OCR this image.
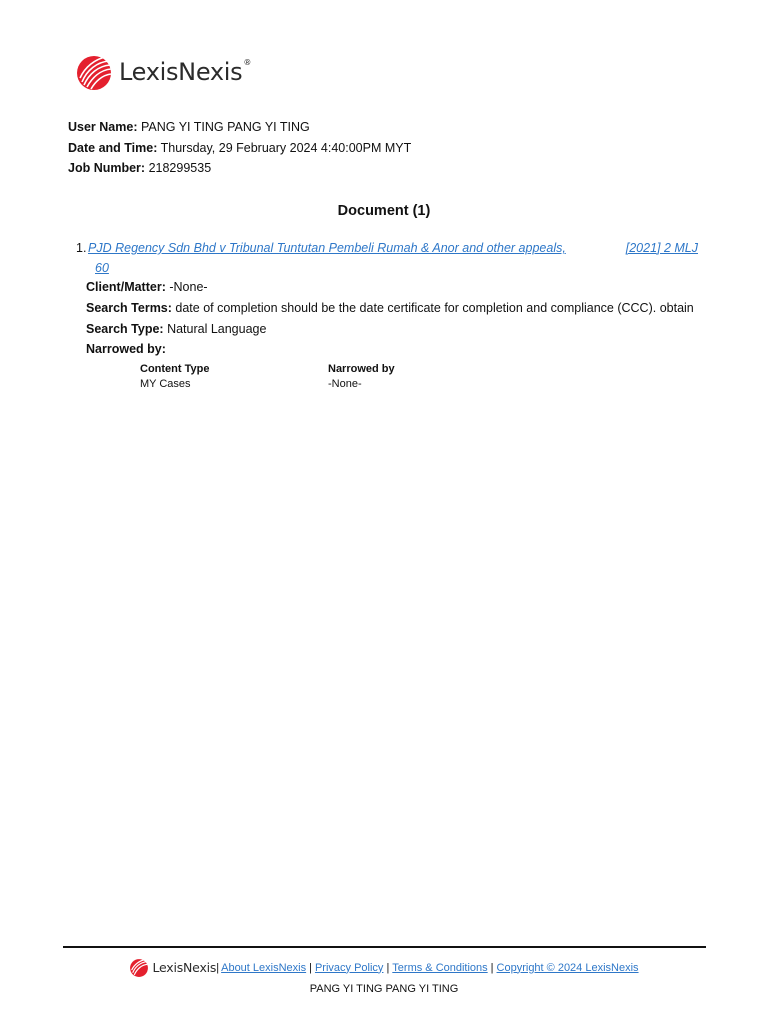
LexisNexis®
User Name: PANG YI TING PANG YI TING
Date and Time: Thursday, 29 February 2024 4:40:00PM MYT
Job Number: 218299535
Document (1)
1. PJD Regency Sdn Bhd v Tribunal Tuntutan Pembeli Rumah & Anor and other appeals,	[2021] 2 MLJ
60
Client/Matter: -None-
Search Terms: date of completion should be the date certificate for completion and compliance (CCC). obtain
Search Type: Natural Language
Narrowed by:
Content Type
MY Cases
Narrowed by
-None-
LexisNexis | About LexisNexis | Privacy Policy | Terms & Conditions | Copyright © 2024 LexisNexis
PANG YI TING PANG YI TING
